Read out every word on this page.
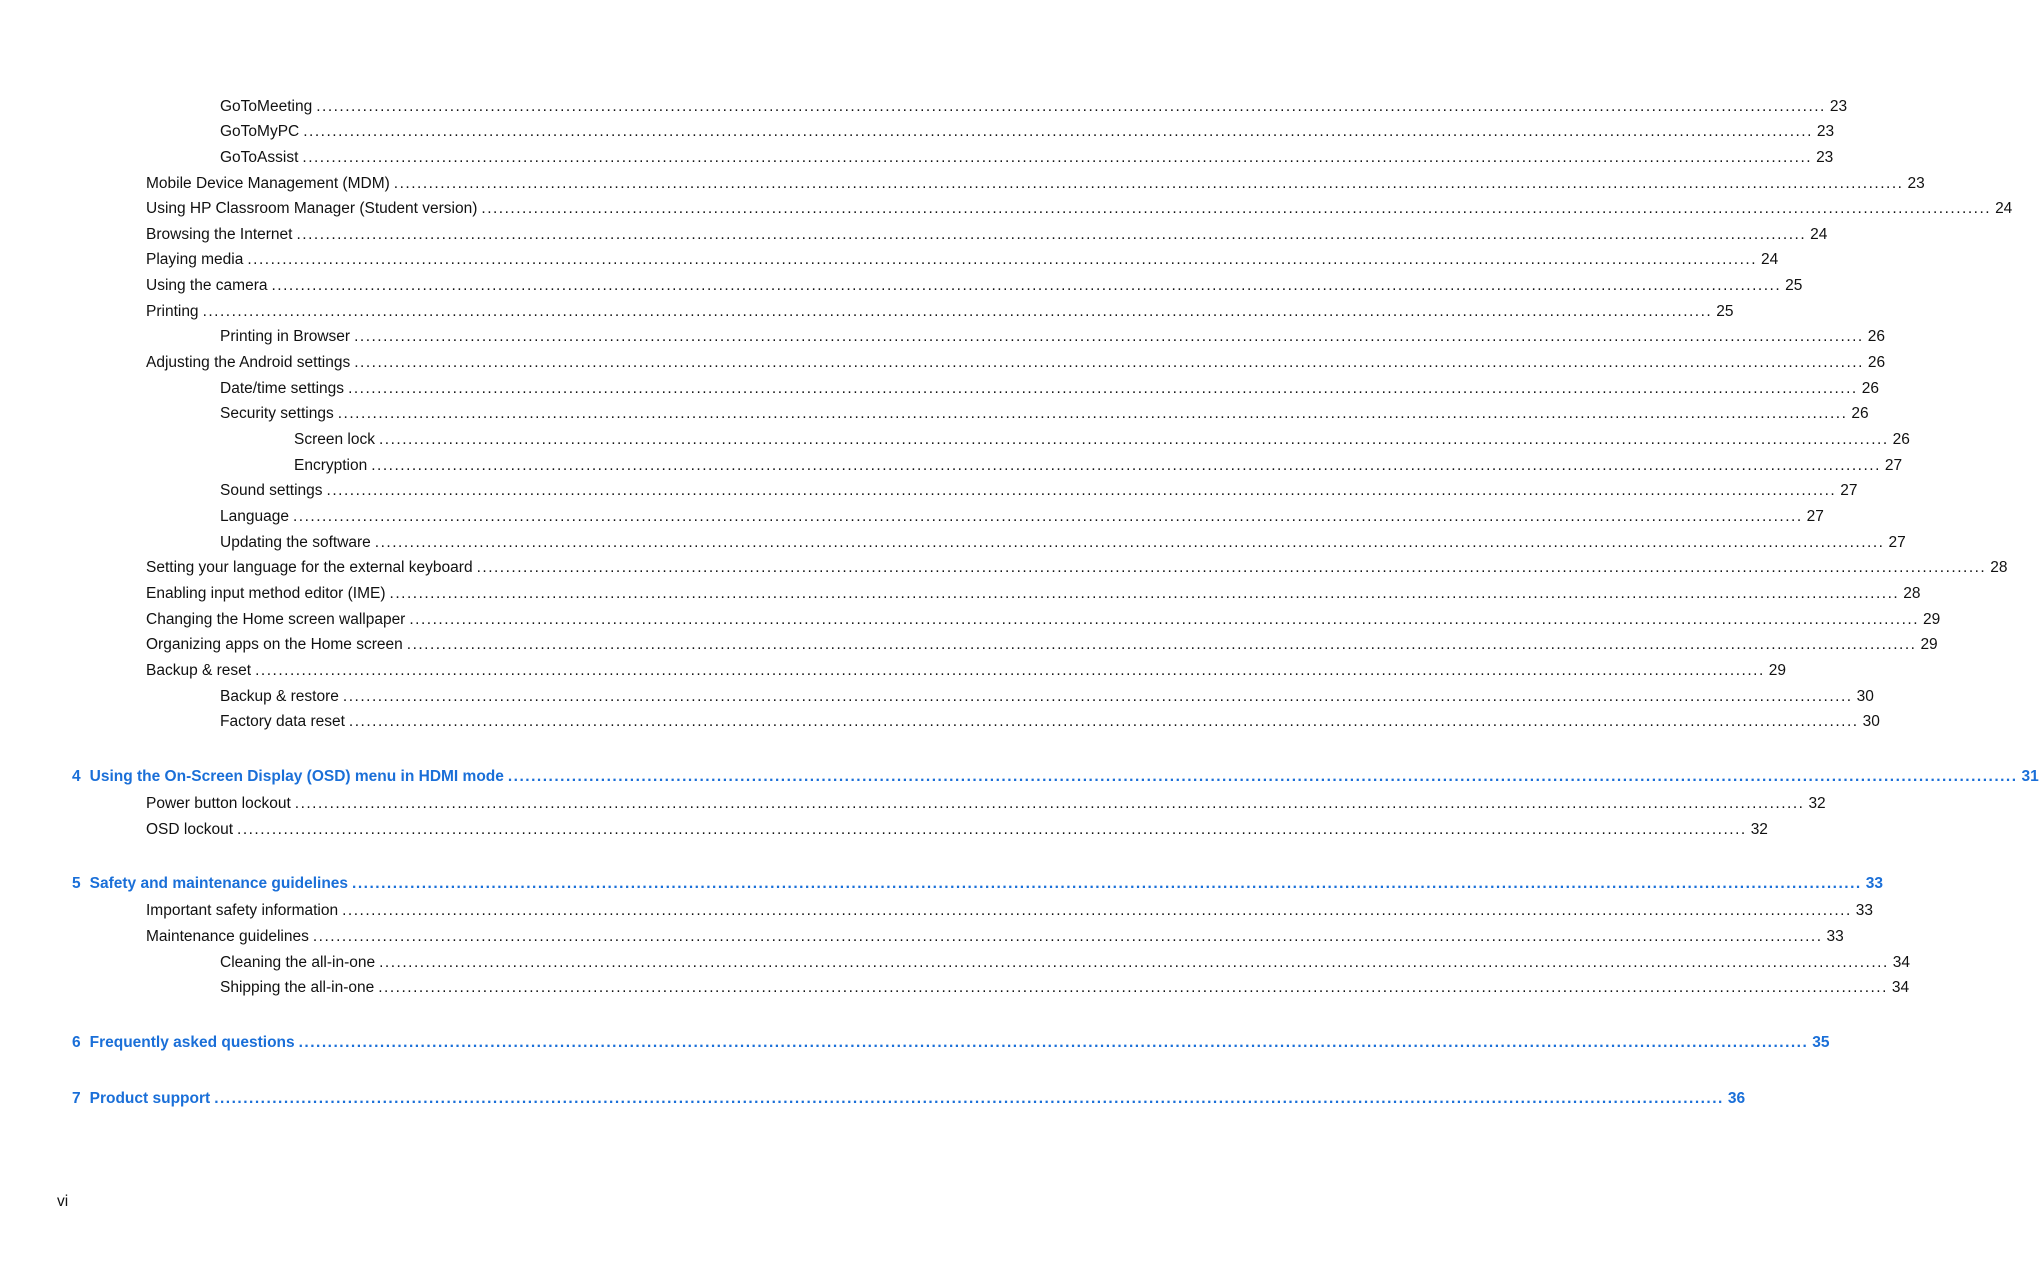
GoToMeeting .................................................................................................................................................................................................................................................................... 23
GoToMyPC .................................................................................................................................................................................................................................................................... 23
GoToAssist .................................................................................................................................................................................................................................................................... 23
Mobile Device Management (MDM) .................................................................................................................................................................................................................................................................... 23
Using HP Classroom Manager (Student version) .................................................................................................................................................................................................................................................................... 24
Browsing the Internet .................................................................................................................................................................................................................................................................... 24
Playing media .................................................................................................................................................................................................................................................................... 24
Using the camera .................................................................................................................................................................................................................................................................... 25
Printing .................................................................................................................................................................................................................................................................... 25
Printing in Browser .................................................................................................................................................................................................................................................................... 26
Adjusting the Android settings .................................................................................................................................................................................................................................................................... 26
Date/time settings .................................................................................................................................................................................................................................................................... 26
Security settings .................................................................................................................................................................................................................................................................... 26
Screen lock .................................................................................................................................................................................................................................................................... 26
Encryption .................................................................................................................................................................................................................................................................... 27
Sound settings .................................................................................................................................................................................................................................................................... 27
Language .................................................................................................................................................................................................................................................................... 27
Updating the software .................................................................................................................................................................................................................................................................... 27
Setting your language for the external keyboard .................................................................................................................................................................................................................................................................... 28
Enabling input method editor (IME) .................................................................................................................................................................................................................................................................... 28
Changing the Home screen wallpaper .................................................................................................................................................................................................................................................................... 29
Organizing apps on the Home screen .................................................................................................................................................................................................................................................................... 29
Backup & reset .................................................................................................................................................................................................................................................................... 29
Backup & restore .................................................................................................................................................................................................................................................................... 30
Factory data reset .................................................................................................................................................................................................................................................................... 30
4 Using the On-Screen Display (OSD) menu in HDMI mode .................................................................................................................................................................................................................................................................... 31
Power button lockout .................................................................................................................................................................................................................................................................... 32
OSD lockout .................................................................................................................................................................................................................................................................... 32
5 Safety and maintenance guidelines .................................................................................................................................................................................................................................................................... 33
Important safety information .................................................................................................................................................................................................................................................................... 33
Maintenance guidelines .................................................................................................................................................................................................................................................................... 33
Cleaning the all-in-one .................................................................................................................................................................................................................................................................... 34
Shipping the all-in-one .................................................................................................................................................................................................................................................................... 34
6 Frequently asked questions .................................................................................................................................................................................................................................................................... 35
7 Product support .................................................................................................................................................................................................................................................................... 36
vi
